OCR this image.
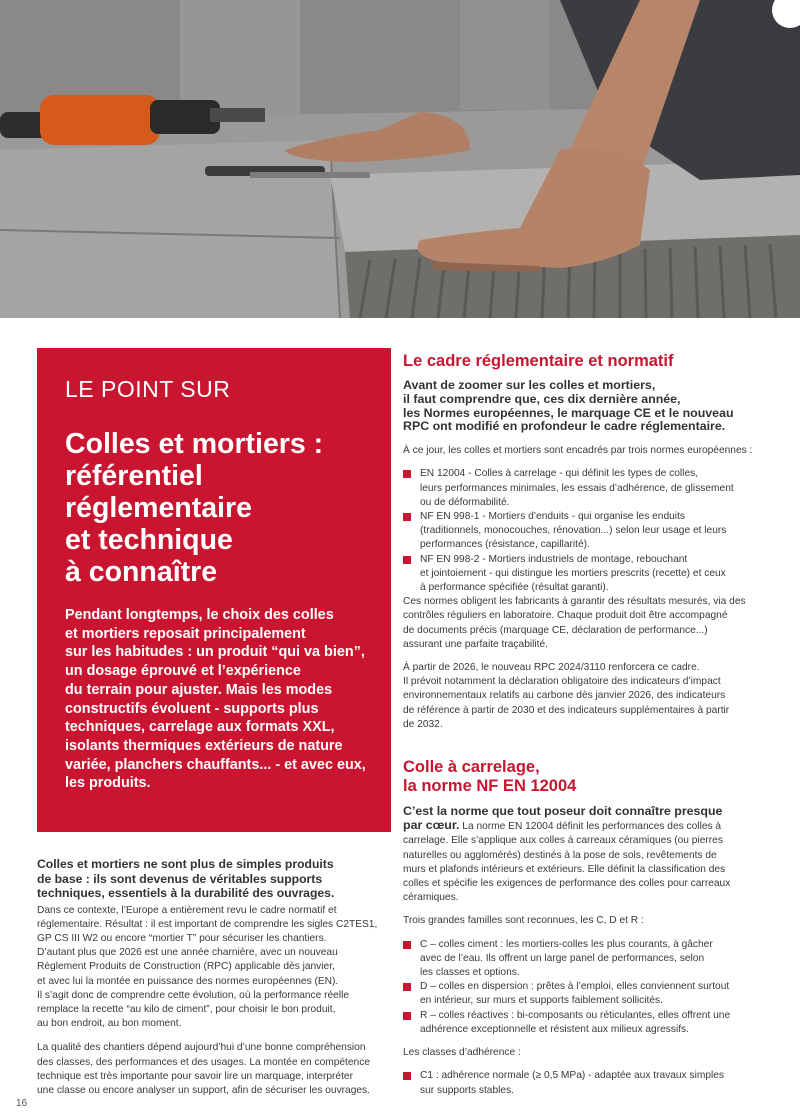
LE POINT SUR
Colles et mortiers :
référentiel
réglementaire
et technique
à connaître

Pendant longtemps, le choix des colles
et mortiers reposait principalement
sur les habitudes : un produit “qui va bien”,
un dosage éprouvé et l’expérience
du terrain pour ajuster. Mais les modes
constructifs évoluent - supports plus
techniques, carrelage aux formats XXL,
isolants thermiques extérieurs de nature
variée, planchers chauffants... - et avec eux,
les produits.

Colles et mortiers ne sont plus de simples produits
de base : ils sont devenus de véritables supports
techniques, essentiels à la durabilité des ouvrages.

Dans ce contexte, l’Europe a entièrement revu le cadre normatif et
réglementaire. Résultat : il est important de comprendre les sigles C2TES1,
GP CS III W2 ou encore “mortier T” pour sécuriser les chantiers.
D’autant plus que 2026 est une année charnière, avec un nouveau
Règlement Produits de Construction (RPC) applicable dès janvier,
et avec lui la montée en puissance des normes européennes (EN).
Il s’agit donc de comprendre cette évolution, où la performance réelle
remplace la recette “au kilo de ciment”, pour choisir le bon produit,
au bon endroit, au bon moment.

La qualité des chantiers dépend aujourd’hui d’une bonne compréhension
des classes, des performances et des usages. La montée en compétence
technique est très importante pour savoir lire un marquage, interpréter
une classe ou encore analyser un support, afin de sécuriser les ouvrages.

Le cadre réglementaire et normatif

Avant de zoomer sur les colles et mortiers,
il faut comprendre que, ces dix dernière année,
les Normes européennes, le marquage CE et le nouveau
RPC ont modifié en profondeur le cadre réglementaire.

À ce jour, les colles et mortiers sont encadrés par trois normes européennes :

EN 12004 - Colles à carrelage - qui définit les types de colles,
leurs performances minimales, les essais d’adhérence, de glissement
ou de déformabilité.

NF EN 998-1 - Mortiers d’enduits - qui organise les enduits
(traditionnels, monocouches, rénovation...) selon leur usage et leurs
performances (résistance, capillarité).

NF EN 998-2 - Mortiers industriels de montage, rebouchant
et jointoiement - qui distingue les mortiers prescrits (recette) et ceux
à performance spécifiée (résultat garanti).

Ces normes obligent les fabricants à garantir des résultats mesurés, via des
contrôles réguliers en laboratoire. Chaque produit doit être accompagné
de documents précis (marquage CE, déclaration de performance...)
assurant une parfaite traçabilité.

À partir de 2026, le nouveau RPC 2024/3110 renforcera ce cadre.
Il prévoit notamment la déclaration obligatoire des indicateurs d’impact
environnementaux relatifs au carbone dès janvier 2026, des indicateurs
de référence à partir de 2030 et des indicateurs supplémentaires à partir
de 2032.

Colle à carrelage,
la norme NF EN 12004

C’est la norme que tout poseur doit connaître presque
par cœur. La norme EN 12004 définit les performances des colles à
carrelage. Elle s’applique aux colles à carreaux céramiques (ou pierres
naturelles ou agglomérés) destinés à la pose de sols, revêtements de
murs et plafonds intérieurs et extérieurs. Elle définit la classification des
colles et spécifie les exigences de performance des colles pour carreaux
céramiques.

Trois grandes familles sont reconnues, les C, D et R :

C – colles ciment : les mortiers-colles les plus courants, à gâcher
avec de l’eau. Ils offrent un large panel de performances, selon
les classes et options.

D – colles en dispersion : prêtes à l’emploi, elles conviennent surtout
en intérieur, sur murs et supports faiblement sollicités.

R – colles réactives : bi-composants ou réticulantes, elles offrent une
adhérence exceptionnelle et résistent aux milieux agressifs.

Les classes d’adhérence :

C1 : adhérence normale (≥ 0,5 MPa) - adaptée aux travaux simples
sur supports stables.

16
